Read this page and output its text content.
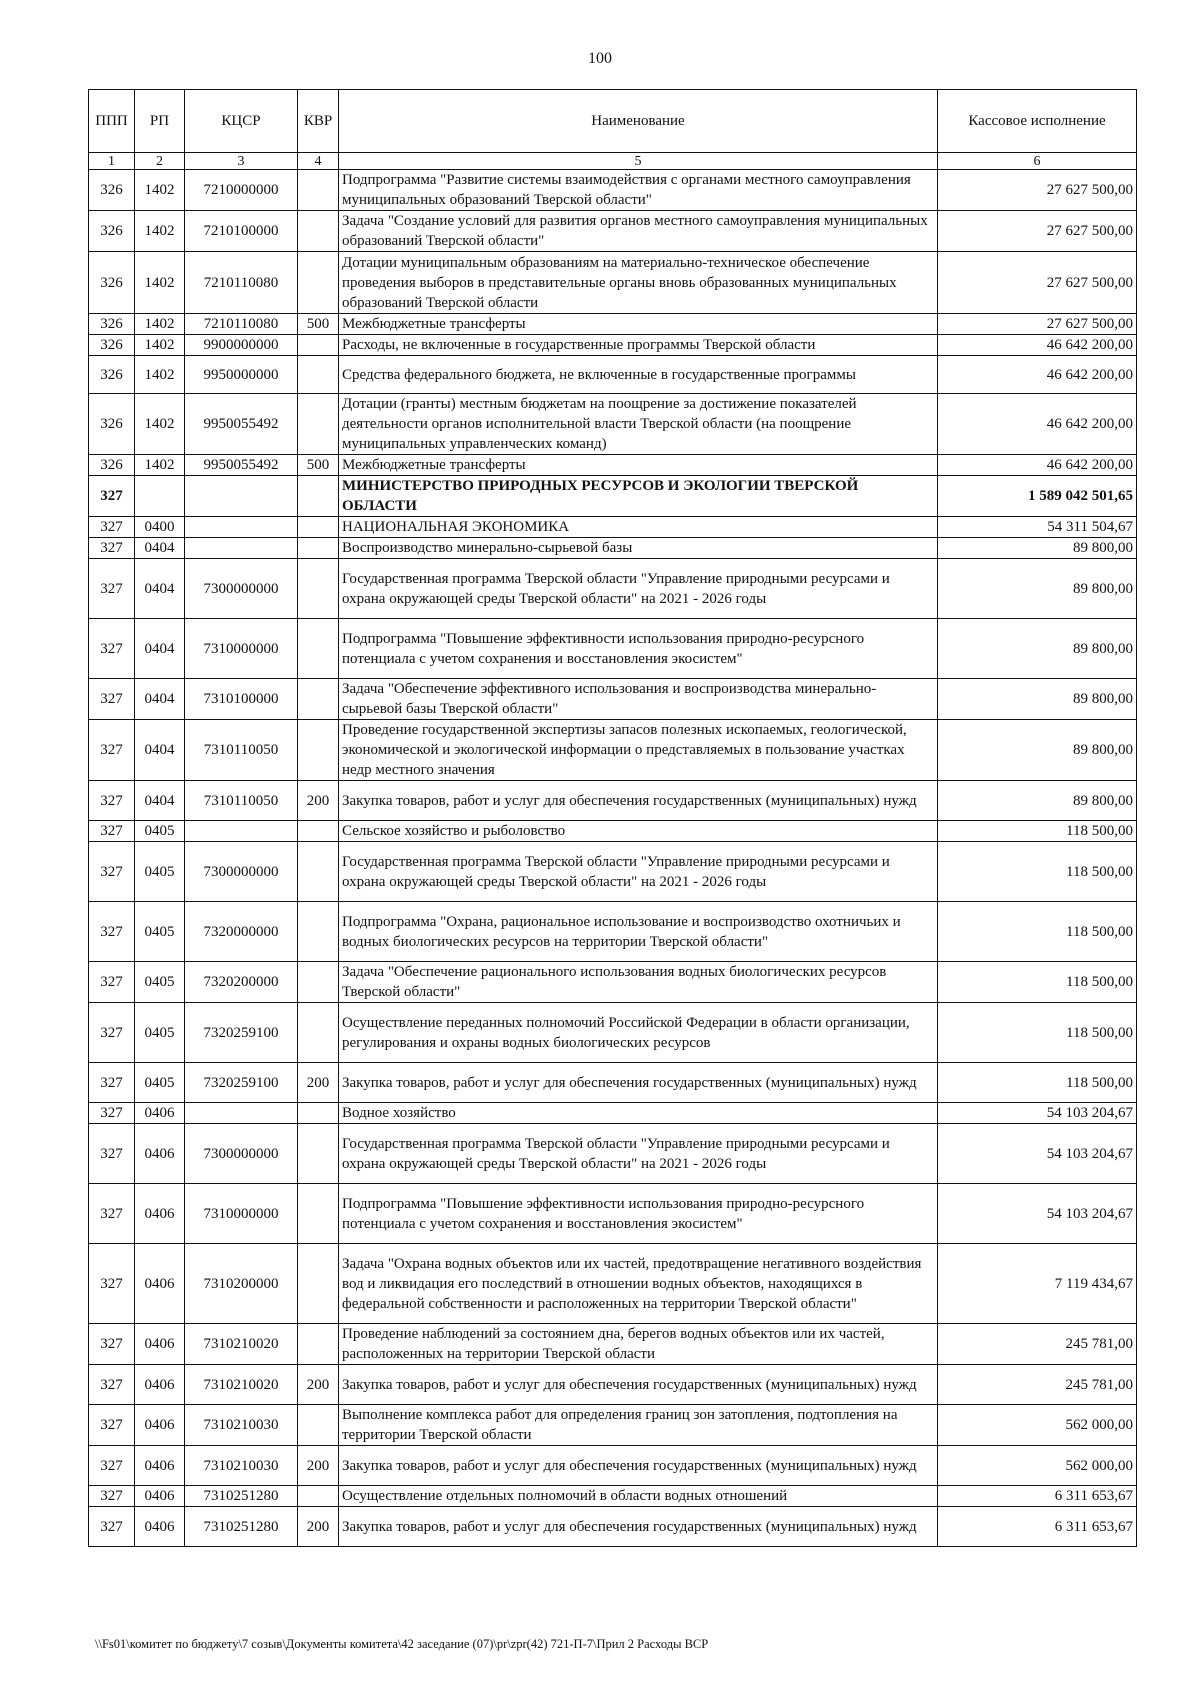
100
ППП	РП	КЦСР	КВР	Наименование	Кассовое исполнение
1	2	3	4	5	6
326	1402	7210000000		Подпрограмма "Развитие системы взаимодействия с органами местного самоуправления муниципальных образований Тверской области"	27 627 500,00
326	1402	7210100000		Задача "Создание условий для развития органов местного самоуправления муниципальных образований Тверской области"	27 627 500,00
326	1402	7210110080		Дотации муниципальным образованиям на материально-техническое обеспечение проведения выборов в представительные органы вновь образованных муниципальных образований Тверской области	27 627 500,00
326	1402	7210110080	500	Межбюджетные трансферты	27 627 500,00
326	1402	9900000000		Расходы, не включенные в государственные программы Тверской области	46 642 200,00
326	1402	9950000000		Средства федерального бюджета, не включенные в государственные программы	46 642 200,00
326	1402	9950055492		Дотации (гранты) местным бюджетам на поощрение за достижение показателей деятельности органов исполнительной власти Тверской области (на поощрение муниципальных управленческих команд)	46 642 200,00
326	1402	9950055492	500	Межбюджетные трансферты	46 642 200,00
327				МИНИСТЕРСТВО ПРИРОДНЫХ РЕСУРСОВ И ЭКОЛОГИИ ТВЕРСКОЙ ОБЛАСТИ	1 589 042 501,65
327	0400			НАЦИОНАЛЬНАЯ ЭКОНОМИКА	54 311 504,67
327	0404			Воспроизводство минерально-сырьевой базы	89 800,00
327	0404	7300000000		Государственная программа Тверской области "Управление природными ресурсами и охрана окружающей среды Тверской области" на 2021 - 2026 годы	89 800,00
327	0404	7310000000		Подпрограмма "Повышение эффективности использования природно-ресурсного потенциала с учетом сохранения и восстановления экосистем"	89 800,00
327	0404	7310100000		Задача "Обеспечение эффективного использования и воспроизводства минерально-сырьевой базы Тверской области"	89 800,00
327	0404	7310110050		Проведение государственной экспертизы запасов полезных ископаемых, геологической, экономической и экологической информации о представляемых в пользование участках недр местного значения	89 800,00
327	0404	7310110050	200	Закупка товаров, работ и услуг для обеспечения государственных (муниципальных) нужд	89 800,00
327	0405			Сельское хозяйство и рыболовство	118 500,00
327	0405	7300000000		Государственная программа Тверской области "Управление природными ресурсами и охрана окружающей среды Тверской области" на 2021 - 2026 годы	118 500,00
327	0405	7320000000		Подпрограмма "Охрана, рациональное использование и воспроизводство охотничьих и водных биологических ресурсов на территории Тверской области"	118 500,00
327	0405	7320200000		Задача "Обеспечение рационального использования водных биологических ресурсов Тверской области"	118 500,00
327	0405	7320259100		Осуществление переданных полномочий Российской Федерации в области организации, регулирования и охраны водных биологических ресурсов	118 500,00
327	0405	7320259100	200	Закупка товаров, работ и услуг для обеспечения государственных (муниципальных) нужд	118 500,00
327	0406			Водное хозяйство	54 103 204,67
327	0406	7300000000		Государственная программа Тверской области "Управление природными ресурсами и охрана окружающей среды Тверской области" на 2021 - 2026 годы	54 103 204,67
327	0406	7310000000		Подпрограмма "Повышение эффективности использования природно-ресурсного потенциала с учетом сохранения и восстановления экосистем"	54 103 204,67
327	0406	7310200000		Задача "Охрана водных объектов или их частей, предотвращение негативного воздействия вод и ликвидация его последствий в отношении водных объектов, находящихся в федеральной собственности и расположенных на территории Тверской области"	7 119 434,67
327	0406	7310210020		Проведение наблюдений за состоянием дна, берегов водных объектов или их частей, расположенных на территории Тверской области	245 781,00
327	0406	7310210020	200	Закупка товаров, работ и услуг для обеспечения государственных (муниципальных) нужд	245 781,00
327	0406	7310210030		Выполнение комплекса работ для определения границ зон затопления, подтопления на территории Тверской области	562 000,00
327	0406	7310210030	200	Закупка товаров, работ и услуг для обеспечения государственных (муниципальных) нужд	562 000,00
327	0406	7310251280		Осуществление отдельных полномочий в области водных отношений	6 311 653,67
327	0406	7310251280	200	Закупка товаров, работ и услуг для обеспечения государственных (муниципальных) нужд	6 311 653,67
\\Fs01\комитет по бюджету\7 созыв\Документы комитета\42 заседание (07)\pr\zpr(42) 721-П-7\Прил 2 Расходы ВСР
